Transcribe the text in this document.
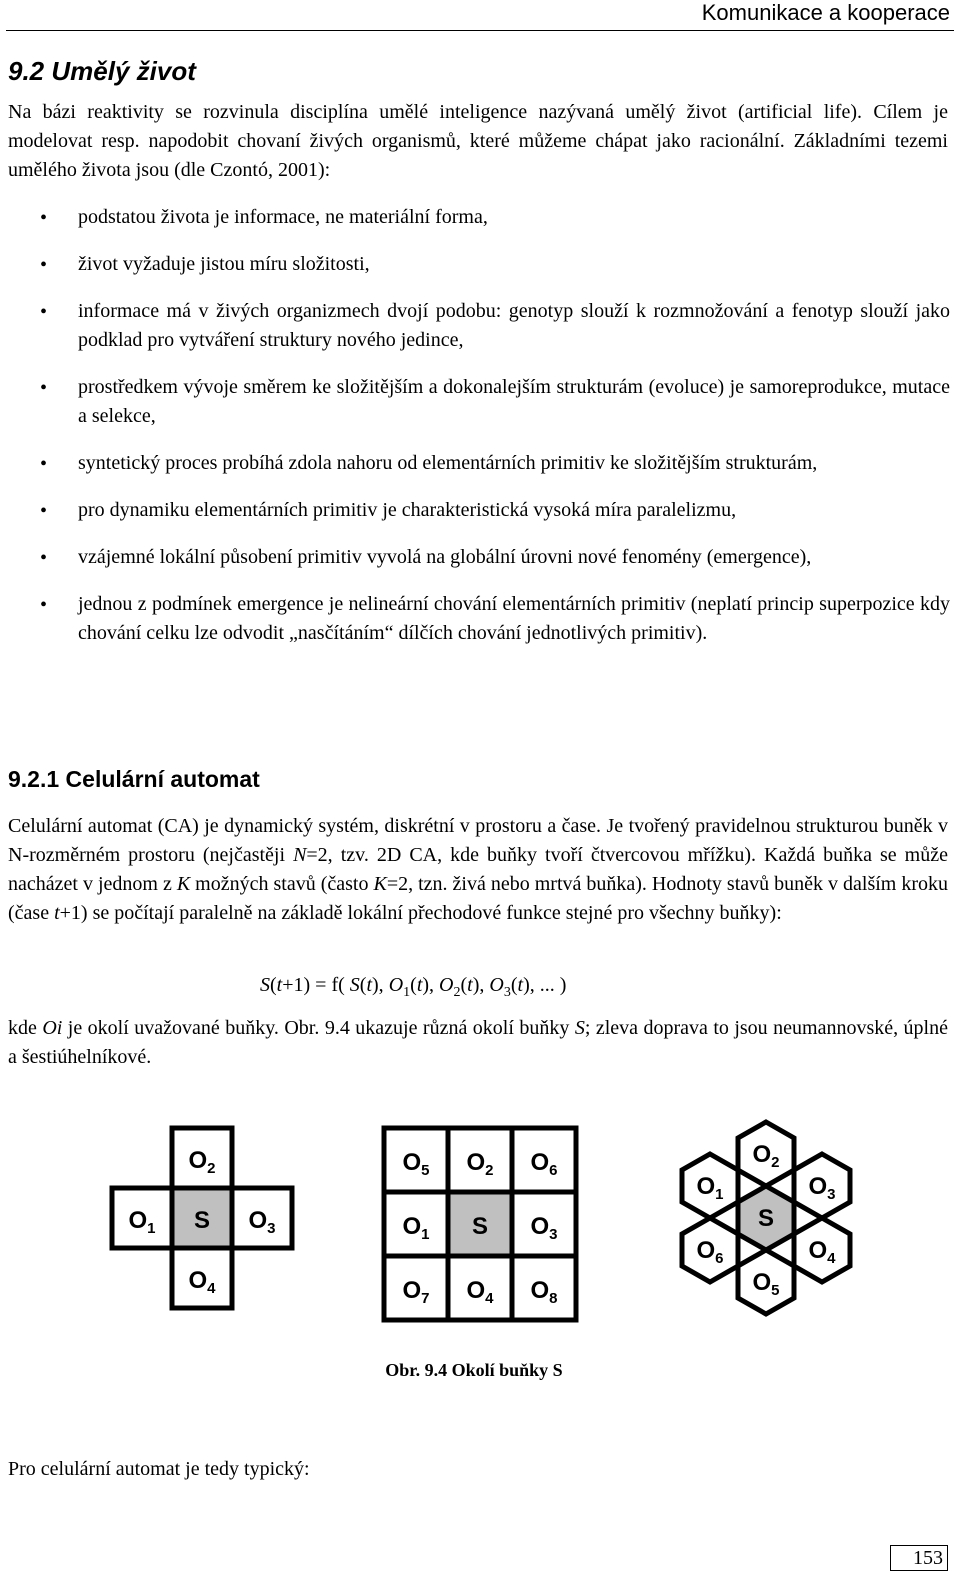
Komunikace a kooperace
9.2 Umělý život
Na bázi reaktivity se rozvinula disciplína umělé inteligence nazývaná umělý život (artificial life). Cílem je modelovat resp. napodobit chovaní živých organismů, které můžeme chápat jako racionální. Základními tezemi umělého života jsou (dle Czontó, 2001):
• podstatou života je informace, ne materiální forma,
• život vyžaduje jistou míru složitosti,
• informace má v živých organizmech dvojí podobu: genotyp slouží k rozmnožování a fenotyp slouží jako podklad pro vytváření struktury nového jedince,
• prostředkem vývoje směrem ke složitějším a dokonalejším strukturám (evoluce) je samoreprodukce, mutace a selekce,
• syntetický proces probíhá zdola nahoru od elementárních primitiv ke složitějším strukturám,
• pro dynamiku elementárních primitiv je charakteristická vysoká míra paralelizmu,
• vzájemné lokální působení primitiv vyvolá na globální úrovni nové fenomény (emergence),
• jednou z podmínek emergence je nelineární chování elementárních primitiv (neplatí princip superpozice kdy chování celku lze odvodit „nasčítáním“ dílčích chování jednotlivých primitiv).
9.2.1 Celulární automat
Celulární automat (CA) je dynamický systém, diskrétní v prostoru a čase. Je tvořený pravidelnou strukturou buněk v N-rozměrném prostoru (nejčastěji N=2, tzv. 2D CA, kde buňky tvoří čtvercovou mřížku). Každá buňka se může nacházet v jednom z K možných stavů (často K=2, tzn. živá nebo mrtvá buňka). Hodnoty stavů buněk v dalším kroku (čase t+1) se počítají paralelně na základě lokální přechodové funkce stejné pro všechny buňky):
S(t+1) = f( S(t), $O_1(t)$, $O_2(t)$, $O_3(t)$, ... )
kde Oi je okolí uvažované buňky. Obr. 9.4 ukazuje různá okolí buňky S; zleva doprava to jsou neumannovské, úplné a šestiúhelníkové.
$O_2$
$O_1$ S $O_3$
$O_4$
$O_5$ $O_2$ $O_6$
$O_1$ S $O_3$
$O_7$ $O_4$ $O_8$
$O_2$
$O_1$	$O_3$
S
$O_6$	$O_4$
$O_5$
Obr. 9.4 Okolí buňky S
Pro celulární automat je tedy typický:
153
